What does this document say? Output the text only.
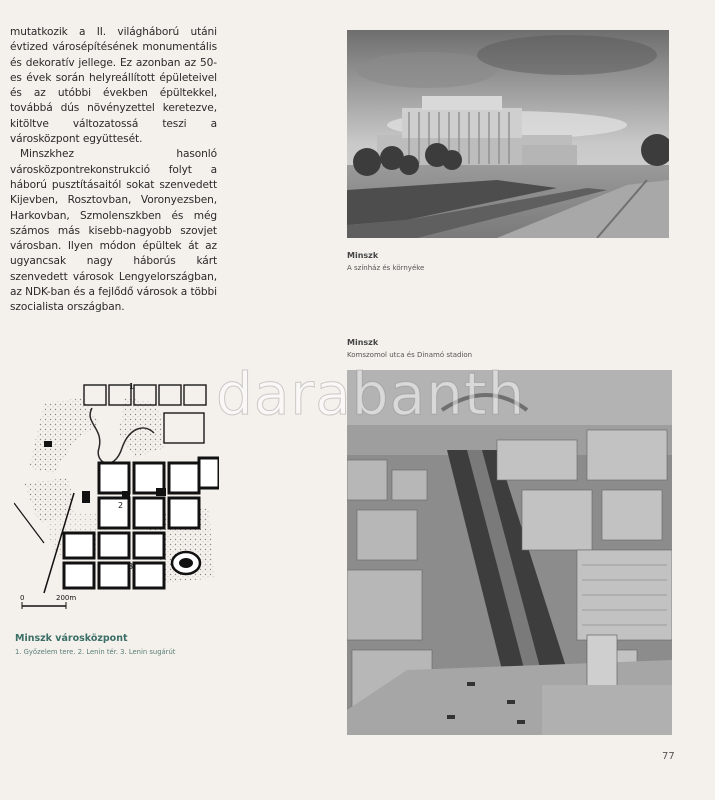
mutatkozik a II. világháború utáni évtized városépítésének monumentális és dekoratív jellege. Ez azonban az 50-es évek során helyreállított épületeivel és az utóbbi években épültekkel, továbbá dús növényzettel keretezve, kitöltve változatossá teszi a városközpont együttesét.

Minszkhez hasonló városközpontrekonstrukció folyt a háború pusztításaitól sokat szenvedett Kijevben, Rosztovban, Voronyezsben, Harkovban, Szmolenszkben és még számos más kisebb-nagyobb szovjet városban. Ilyen módon épültek át az ugyancsak nagy háborús kárt szenvedett városok Lengyelországban, az NDK-ban és a fejlődő városok a többi szocialista országban.

Minszk
A színház és környéke
Minszk
Komszomol utca és Dinamó stadion
1
2
3
0	200m
Minszk városközpont
1. Győzelem tere. 2. Lenin tér. 3. Lenin sugárút
darabanth
77
